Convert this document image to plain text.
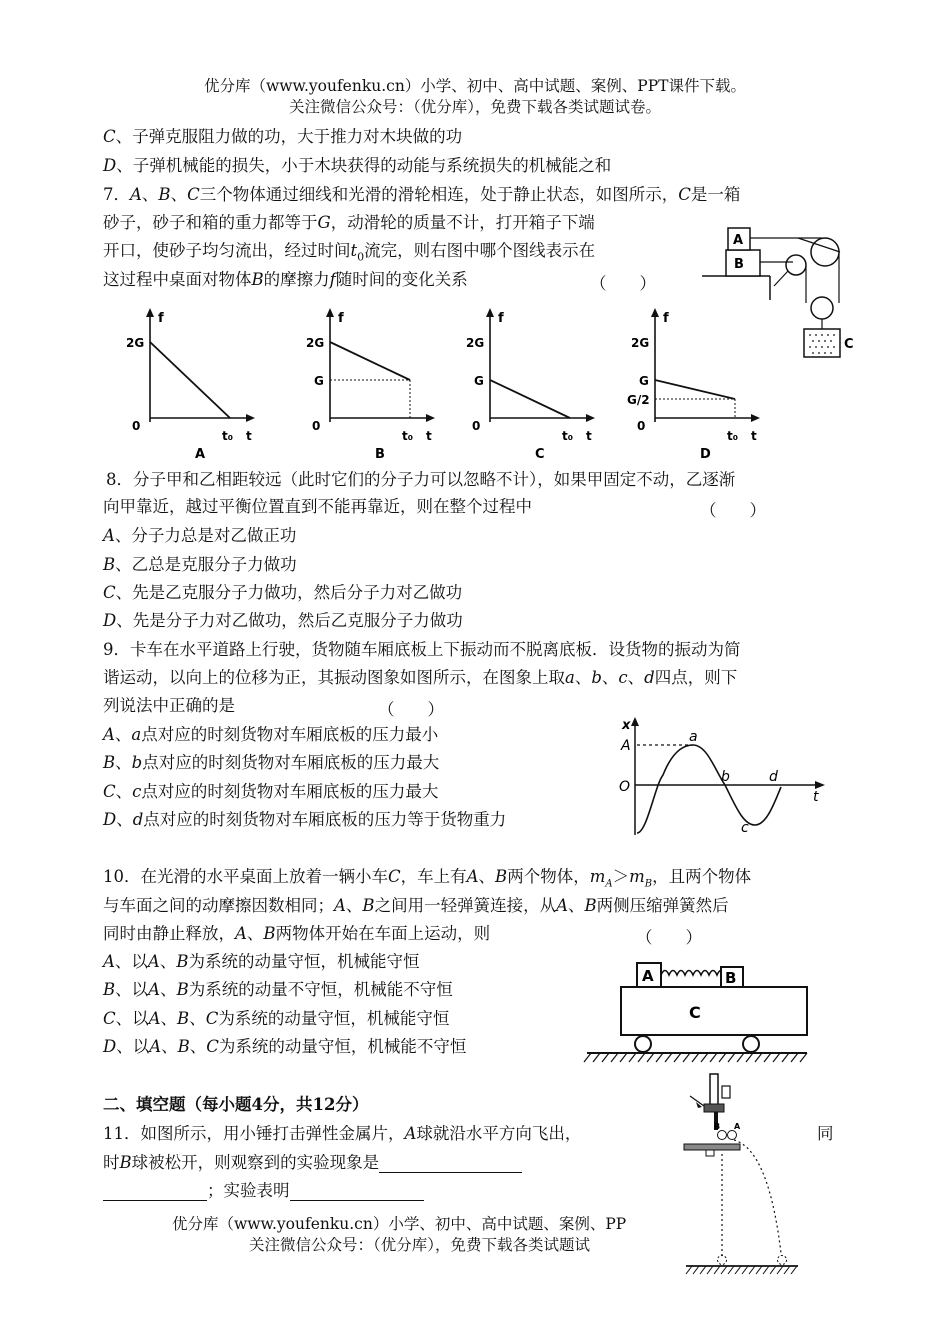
优分库（www.youfenku.cn）小学、初中、高中试题、案例、PPT课件下载。
关注微信公众号：（优分库），免费下载各类试题试卷。
C、子弹克服阻力做的功，大于推力对木块做的功
D、子弹机械能的损失，小于木块获得的动能与系统损失的机械能之和
7．A、B、C三个物体通过细线和光滑的滑轮相连，处于静止状态，如图所示，C是一箱
砂子，砂子和箱的重力都等于G，动滑轮的质量不计，打开箱子下端
开口，使砂子均匀流出，经过时间$t_0$流完，则右图中哪个图线表示在
这过程中桌面对物体B的摩擦力f随时间的变化关系	（　　）
A
B
C
f
2G
0
t₀ t
A
f
2G
G
0
t₀ t
B
f
2G
G
0
t₀ t
C
f
2G
G
G/2
0
t₀ t
D
8．分子甲和乙相距较远（此时它们的分子力可以忽略不计），如果甲固定不动，乙逐渐
向甲靠近，越过平衡位置直到不能再靠近，则在整个过程中	（　　）
A、分子力总是对乙做正功
B、乙总是克服分子力做功
C、先是乙克服分子力做功，然后分子力对乙做功
D、先是分子力对乙做功，然后乙克服分子力做功
9．卡车在水平道路上行驶，货物随车厢底板上下振动而不脱离底板．设货物的振动为简
谐运动，以向上的位移为正，其振动图象如图所示，在图象上取a、b、c、d四点，则下
列说法中正确的是	（　　）
A、a点对应的时刻货物对车厢底板的压力最小
B、b点对应的时刻货物对车厢底板的压力最大
C、c点对应的时刻货物对车厢底板的压力最大
D、d点对应的时刻货物对车厢底板的压力等于货物重力
x
A
O
t
a
b
c
d
10．在光滑的水平桌面上放着一辆小车C，车上有A、B两个物体，$m_A>m_B$，且两个物体
与车面之间的动摩擦因数相同；A、B之间用一轻弹簧连接，从A、B两侧压缩弹簧然后
同时由静止释放，A、B两物体开始在车面上运动，则	（　　）
A、以A、B为系统的动量守恒，机械能守恒
B、以A、B为系统的动量不守恒，机械能不守恒
C、以A、B、C为系统的动量守恒，机械能守恒
D、以A、B、C为系统的动量守恒，机械能不守恒
A	B
C
二、填空题（每小题4分，共12分）
11．如图所示，用小锤打击弹性金属片，A球就沿水平方向飞出，	同
时B球被松开，则观察到的实验现象是
；实验表明
B A
优分库（www.youfenku.cn）小学、初中、高中试题、案例、PP
关注微信公众号：（优分库），免费下载各类试题试
